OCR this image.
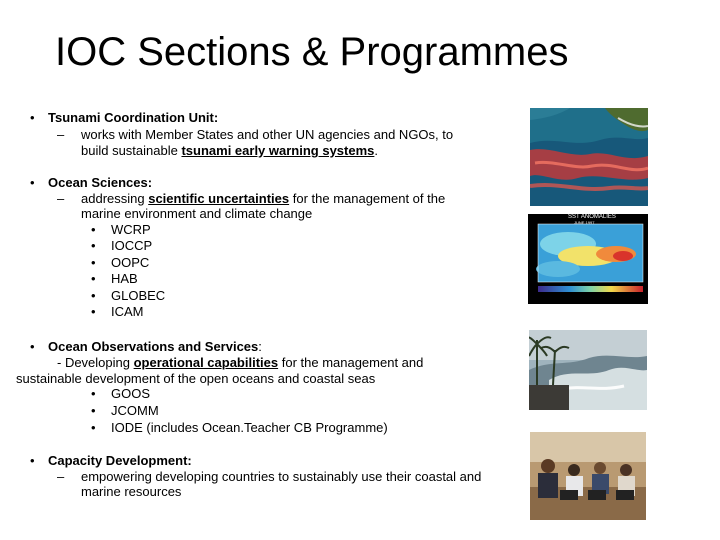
IOC Sections & Programmes
• Tsunami Coordination Unit:
– works with Member States and other UN agencies and NGOs, to
build sustainable tsunami early warning systems.
• Ocean Sciences:
– addressing scientific uncertainties for the management of the
marine environment and climate change
• WCRP
• IOCCP
• OOPC
• HAB
• GLOBEC
• ICAM
• Ocean Observations and Services:
- Developing operational capabilities for the management and
sustainable development of the open oceans and coastal seas
• GOOS
• JCOMM
• IODE (includes Ocean.Teacher CB Programme)
• Capacity Development:
– empowering developing countries to sustainably use their coastal and
marine resources
SST ANOMALIES
JUNE 1997
